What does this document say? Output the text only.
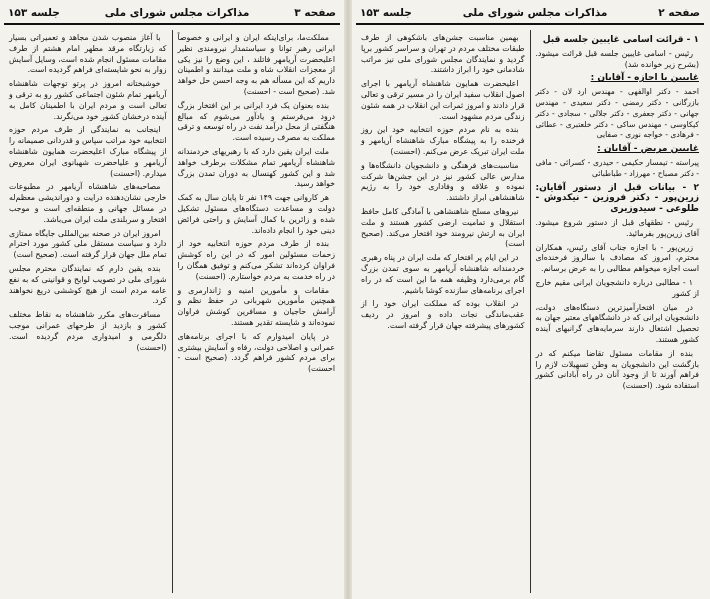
صفحه ۳
مذاکرات مجلس شورای ملی
جلسه ۱۵۳

مملکت‌ما، برای‌اینکه ایران و ایرانی و خصوصاً ایرانی رهبر توانا و سیاستمدار نیرومندی نظیر اعلیحضرت آریامهر فاتلند ، این وضع را نیز یکی از معجزات انقلاب شاه و ملت میدانند و اطمینان داریم که این مسأله هم به وجه احسن حل خواهد شد. (صحیح است - احسنت)

بنده بعنوان یک فرد ایرانی بر این افتخار بزرگ درود می‌فرستم و یادآور می‌شوم که مبالغ هنگفتی از محل درآمد نفت در راه توسعه و ترقی مملکت به مصرف رسیده است.

ملت ایران یقین دارد که با رهبریهای خردمندانه شاهنشاه آریامهر تمام مشکلات برطرف خواهد شد و این کشور کهنسال به دوران تمدن بزرگ خواهد رسید.

هر کاروانی جهت ۱۴۹ نفر تا پایان سال به کمک دولت و مساعدت دستگاه‌های مسئول تشکیل شده و زائرین با کمال آسایش و راحتی فرائض دینی خود را انجام داده‌اند.

بنده از طرف مردم حوزه انتخابیه خود از زحمات مسئولین امور که در این راه کوشش فراوان کرده‌اند تشکر می‌کنم و توفیق همگان را در راه خدمت به مردم خواستارم. (احسنت)

مقامات و مأمورین امنیه و ژاندارمری و همچنین مأمورین شهربانی در حفظ نظم و آرامش حاجیان و مسافرین کوشش فراوان نموده‌اند و شایسته تقدیر هستند.

در پایان امیدوارم که با اجرای برنامه‌های عمرانی و اصلاحی دولت، رفاه و آسایش بیشتری برای مردم کشور فراهم گردد. (صحیح است - احسنت)

با آغاز منصوب شدن مجاهد و تعمیراتی بسیار که زیارتگاه مرقد مطهر امام هشتم از طرف مقامات مسئول انجام شده است، وسایل آسایش زوار به نحو شایسته‌ای فراهم گردیده است.

خوشبختانه امروز در پرتو توجهات شاهنشاه آریامهر تمام شئون اجتماعی کشور رو به ترقی و تعالی است و مردم ایران با اطمینان کامل به آینده درخشان کشور خود می‌نگرند.

اینجانب به نمایندگی از طرف مردم حوزه انتخابیه خود مراتب سپاس و قدردانی صمیمانه را از پیشگاه مبارک اعلیحضرت همایون شاهنشاه آریامهر و علیاحضرت شهبانوی ایران معروض میدارم. (احسنت)

مصاحبه‌های شاهنشاه آریامهر در مطبوعات خارجی نشان‌دهنده درایت و دوراندیشی معظم‌له در مسائل جهانی و منطقه‌ای است و موجب افتخار و سربلندی ملت ایران می‌باشد.

امروز ایران در صحنه بین‌المللی جایگاه ممتازی دارد و سیاست مستقل ملی کشور مورد احترام تمام ملل جهان قرار گرفته است. (صحیح است)

بنده یقین دارم که نمایندگان محترم مجلس شورای ملی در تصویب لوایح و قوانینی که به نفع عامه مردم است از هیچ کوششی دریغ نخواهند کرد.

مسافرت‌های مکرر شاهنشاه به نقاط مختلف کشور و بازدید از طرحهای عمرانی موجب دلگرمی و امیدواری مردم گردیده است. (احسنت)

صفحه ۲
مذاکرات مجلس شورای ملی
جلسه ۱۵۳
۱ - قرائت اسامی غایبین جلسه قبل

رئیس - اسامی غایبین جلسه قبل قرائت میشود. (بشرح زیر خوانده شد)

غایبین با اجازه - آقایان :
احمد - دکتر اوالفهی - مهندس ارد لان - دکتر بازرگانی - دکتر رمضی - دکتر سعیدی - مهندس جهانی - دکتر جعفری - دکتر جلالی - سجادی - دکتر کیکاوسی - مهندس ساکی - دکتر خلعتبری - عطائی - فرهادی - خواجه نوری - صفایی
غایبین مریض - آقایان :
پیراسته - تیمسار حکیمی - حیدری - کسرائی - مافی - دکتر مصباح - مهرزاد - طباطبائی
۲ - بیانات قبل از دستور آقایان: زرین‌پور - دکتر فروزین - نیکدوش - طلوعی - سیدوزیری

رئیس - نطقهای قبل از دستور شروع میشود. آقای زرین‌پور بفرمائید.

زرین‌پور - با اجازه جناب آقای رئیس، همکاران محترم، امروز که مصادف با سالروز فرخنده‌ای است اجازه میخواهم مطالبی را به عرض برسانم.

۱ - مطالبی درباره دانشجویان ایرانی مقیم خارج از کشور

در میان افتخارآمیزترین دستگاه‌های دولت، دانشجویان ایرانی که در دانشگاههای معتبر جهان به تحصیل اشتغال دارند سرمایه‌های گرانبهای آینده کشور هستند.

بنده از مقامات مسئول تقاضا میکنم که در بازگشت این دانشجویان به وطن تسهیلات لازم را فراهم آورند تا از وجود آنان در راه آبادانی کشور استفاده شود. (احسنت)

بهمین مناسبت جشن‌های باشکوهی از طرف طبقات مختلف مردم در تهران و سراسر کشور برپا گردید و نمایندگان مجلس شورای ملی نیز مراتب شادمانی خود را ابراز داشتند.

اعلیحضرت همایون شاهنشاه آریامهر با اجرای اصول انقلاب سفید ایران را در مسیر ترقی و تعالی قرار دادند و امروز ثمرات این انقلاب در همه شئون زندگی مردم مشهود است.

بنده به نام مردم حوزه انتخابیه خود این روز فرخنده را به پیشگاه مبارک شاهنشاه آریامهر و ملت ایران تبریک عرض می‌کنم. (احسنت)

مناسبت‌های فرهنگی و دانشجویان دانشگاه‌ها و مدارس عالی کشور نیز در این جشن‌ها شرکت نموده و علاقه و وفاداری خود را به رژیم شاهنشاهی ابراز داشتند.

نیروهای مسلح شاهنشاهی با آمادگی کامل حافظ استقلال و تمامیت ارضی کشور هستند و ملت ایران به ارتش نیرومند خود افتخار می‌کند. (صحیح است)

در این ایام پر افتخار که ملت ایران در پناه رهبری خردمندانه شاهنشاه آریامهر به سوی تمدن بزرگ گام برمی‌دارد وظیفه همه ما این است که در راه اجرای برنامه‌های سازنده کوشا باشیم.

در انقلاب بوده که مملکت ایران خود را از عقب‌ماندگی نجات داده و امروز در ردیف کشورهای پیشرفته جهان قرار گرفته است.
